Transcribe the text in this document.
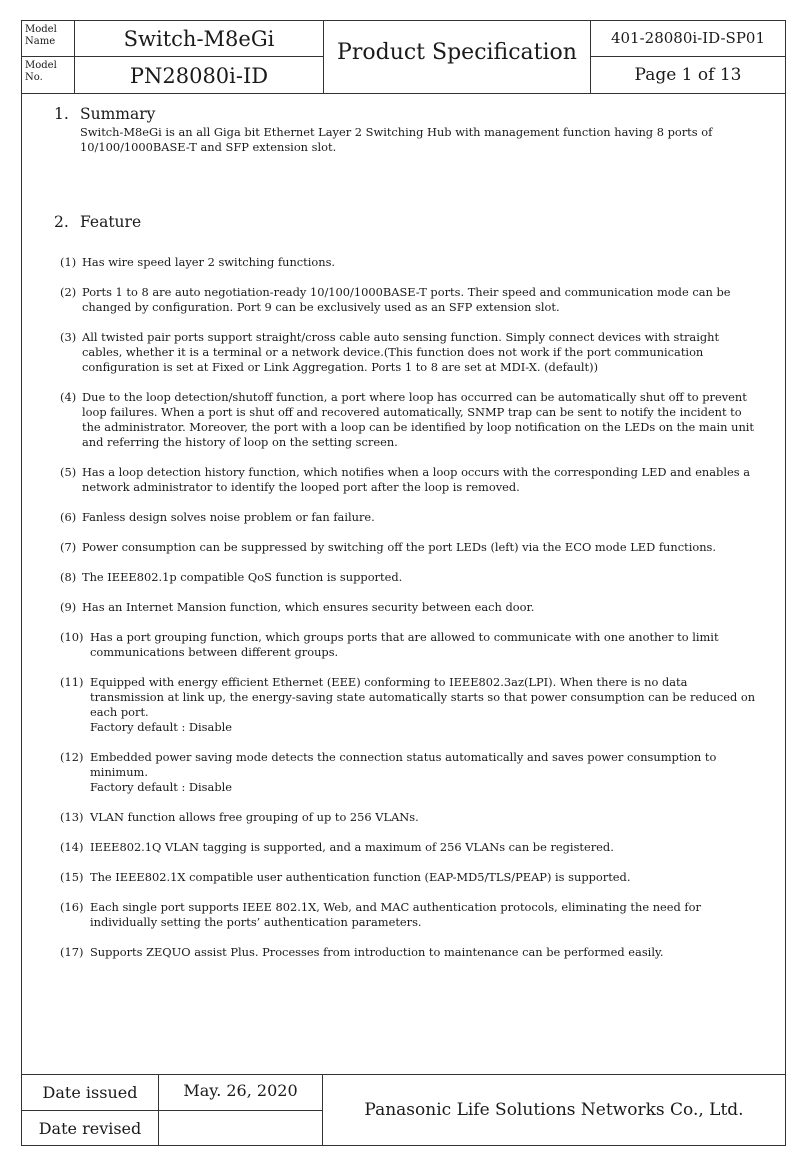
Model
Name	Switch-M8eGi
Model
No.	PN28080i-ID
Product Specification
401-28080i-ID-SP01
Page 1 of 13
1. Summary
Switch-M8eGi is an all Giga bit Ethernet Layer 2 Switching Hub with management function having 8 ports of 10/100/1000BASE-T and SFP extension slot.
2. Feature
(1) Has wire speed layer 2 switching functions.
(2) Ports 1 to 8 are auto negotiation-ready 10/100/1000BASE-T ports. Their speed and communication mode can be changed by configuration. Port 9 can be exclusively used as an SFP extension slot.
(3) All twisted pair ports support straight/cross cable auto sensing function. Simply connect devices with straight cables, whether it is a terminal or a network device.(This function does not work if the port communication configuration is set at Fixed or Link Aggregation. Ports 1 to 8 are set at MDI-X. (default))
(4) Due to the loop detection/shutoff function, a port where loop has occurred can be automatically shut off to prevent loop failures. When a port is shut off and recovered automatically, SNMP trap can be sent to notify the incident to the administrator. Moreover, the port with a loop can be identified by loop notification on the LEDs on the main unit and referring the history of loop on the setting screen.
(5) Has a loop detection history function, which notifies when a loop occurs with the corresponding LED and enables a network administrator to identify the looped port after the loop is removed.
(6) Fanless design solves noise problem or fan failure.
(7) Power consumption can be suppressed by switching off the port LEDs (left) via the ECO mode LED functions.
(8) The IEEE802.1p compatible QoS function is supported.
(9) Has an Internet Mansion function, which ensures security between each door.
(10) Has a port grouping function, which groups ports that are allowed to communicate with one another to limit communications between different groups.
(11) Equipped with energy efficient Ethernet (EEE) conforming to IEEE802.3az(LPI). When there is no data transmission at link up, the energy-saving state automatically starts so that power consumption can be reduced on each port.
Factory default : Disable
(12) Embedded power saving mode detects the connection status automatically and saves power consumption to minimum.
Factory default : Disable
(13) VLAN function allows free grouping of up to 256 VLANs.
(14) IEEE802.1Q VLAN tagging is supported, and a maximum of 256 VLANs can be registered.
(15) The IEEE802.1X compatible user authentication function (EAP-MD5/TLS/PEAP) is supported.
(16) Each single port supports IEEE 802.1X, Web, and MAC authentication protocols, eliminating the need for individually setting the ports’ authentication parameters.
(17) Supports ZEQUO assist Plus. Processes from introduction to maintenance can be performed easily.
Date issued	May. 26, 2020
Date revised
Panasonic Life Solutions Networks Co., Ltd.
